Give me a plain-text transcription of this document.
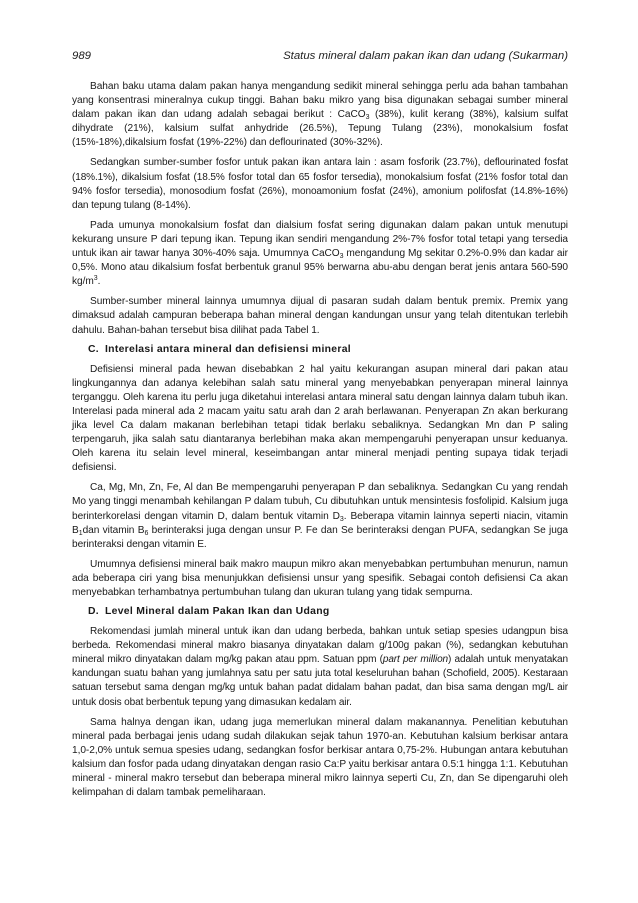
989	Status mineral dalam pakan ikan dan udang (Sukarman)

Bahan baku utama dalam pakan hanya mengandung sedikit mineral sehingga perlu ada bahan tambahan yang konsentrasi mineralnya cukup tinggi. Bahan baku mikro yang bisa digunakan sebagai sumber mineral dalam pakan ikan dan udang adalah sebagai berikut : CaCO$_3$ (38%), kulit kerang (38%), kalsium sulfat dihydrate (21%), kalsium sulfat anhydride (26.5%), Tepung Tulang (23%), monokalsium fosfat (15%-18%),dikalsium fosfat (19%-22%) dan deflourinated (30%-32%).

Sedangkan sumber-sumber fosfor untuk pakan ikan antara lain : asam fosforik (23.7%), deflourinated fosfat (18%.1%), dikalsium fosfat (18.5% fosfor total dan 65 fosfor tersedia), monokalsium fosfat (21% fosfor total dan 94% fosfor tersedia), monosodium fosfat (26%), monoamonium fosfat (24%), amonium polifosfat (14.8%-16%) dan tepung tulang (8-14%).

Pada umunya monokalsium fosfat dan dialsium fosfat sering digunakan dalam pakan untuk menutupi kekurang unsure P dari tepung ikan. Tepung ikan sendiri mengandung 2%-7% fosfor total tetapi yang tersedia untuk ikan air tawar hanya 30%-40% saja. Umumnya CaCO$_3$ mengandung Mg sekitar 0.2%-0.9% dan kadar air 0,5%. Mono atau dikalsium fosfat berbentuk granul 95% berwarna abu-abu dengan berat jenis antara 560-590 $kg/m^3$.

Sumber-sumber mineral lainnya umumnya dijual di pasaran sudah dalam bentuk premix. Premix yang dimaksud adalah campuran beberapa bahan mineral dengan kandungan unsur yang telah ditentukan terlebih dahulu. Bahan-bahan tersebut bisa dilihat pada Tabel 1.

C. Interelasi antara mineral dan defisiensi mineral

Defisiensi mineral pada hewan disebabkan 2 hal yaitu kekurangan asupan mineral dari pakan atau lingkungannya dan adanya kelebihan salah satu mineral yang menyebabkan penyerapan mineral lainnya terganggu. Oleh karena itu perlu juga diketahui interelasi antara mineral satu dengan lainnya dalam tubuh ikan. Interelasi pada mineral ada 2 macam yaitu satu arah dan 2 arah berlawanan. Penyerapan Zn akan berkurang jika level Ca dalam makanan berlebihan tetapi tidak berlaku sebaliknya. Sedangkan Mn dan P saling terpengaruh, jika salah satu diantaranya berlebihan maka akan mempengaruhi penyerapan unsur keduanya. Oleh karena itu selain level mineral, keseimbangan antar mineral menjadi penting supaya tidak terjadi defisiensi.

Ca, Mg, Mn, Zn, Fe, Al dan Be mempengaruhi penyerapan P dan sebaliknya. Sedangkan Cu yang rendah Mo yang tinggi menambah kehilangan P dalam tubuh, Cu dibutuhkan untuk mensintesis fosfolipid. Kalsium juga berinterkorelasi dengan vitamin D, dalam bentuk vitamin $D_3$. Beberapa vitamin lainnya seperti niacin, vitamin $B_1dan$ vitamin $B_6$ berinteraksi juga dengan unsur P. Fe dan Se berinteraksi dengan PUFA, sedangkan Se juga berinteraksi dengan vitamin E.

Umumnya defisiensi mineral baik makro maupun mikro akan menyebabkan pertumbuhan menurun, namun ada beberapa ciri yang bisa menunjukkan defisiensi unsur yang spesifik. Sebagai contoh defisiensi Ca akan menyebabkan terhambatnya pertumbuhan tulang dan ukuran tulang yang tidak sempurna.

D. Level Mineral dalam Pakan Ikan dan Udang

Rekomendasi jumlah mineral untuk ikan dan udang berbeda, bahkan untuk setiap spesies udangpun bisa berbeda. Rekomendasi mineral makro biasanya dinyatakan dalam g/100g pakan (%), sedangkan kebutuhan mineral mikro dinyatakan dalam mg/kg pakan atau ppm. Satuan ppm (part per million) adalah untuk menyatakan kandungan suatu bahan yang jumlahnya satu per satu juta total keseluruhan bahan (Schofield, 2005). Kestaraan satuan tersebut sama dengan mg/kg untuk bahan padat didalam bahan padat, dan bisa sama dengan mg/L air untuk dosis obat berbentuk tepung yang dimasukan kedalam air.

Sama halnya dengan ikan, udang juga memerlukan mineral dalam makanannya. Penelitian kebutuhan mineral pada berbagai jenis udang sudah dilakukan sejak tahun 1970-an. Kebutuhan kalsium berkisar antara 1,0-2,0% untuk semua spesies udang, sedangkan fosfor berkisar antara 0,75-2%. Hubungan antara kebutuhan kalsium dan fosfor pada udang dinyatakan dengan rasio Ca:P yaitu berkisar antara 0.5:1 hingga 1:1. Kebutuhan mineral - mineral makro tersebut dan beberapa mineral mikro lainnya seperti Cu, Zn, dan Se dipengaruhi oleh kelimpahan di dalam tambak pemeliharaan.
